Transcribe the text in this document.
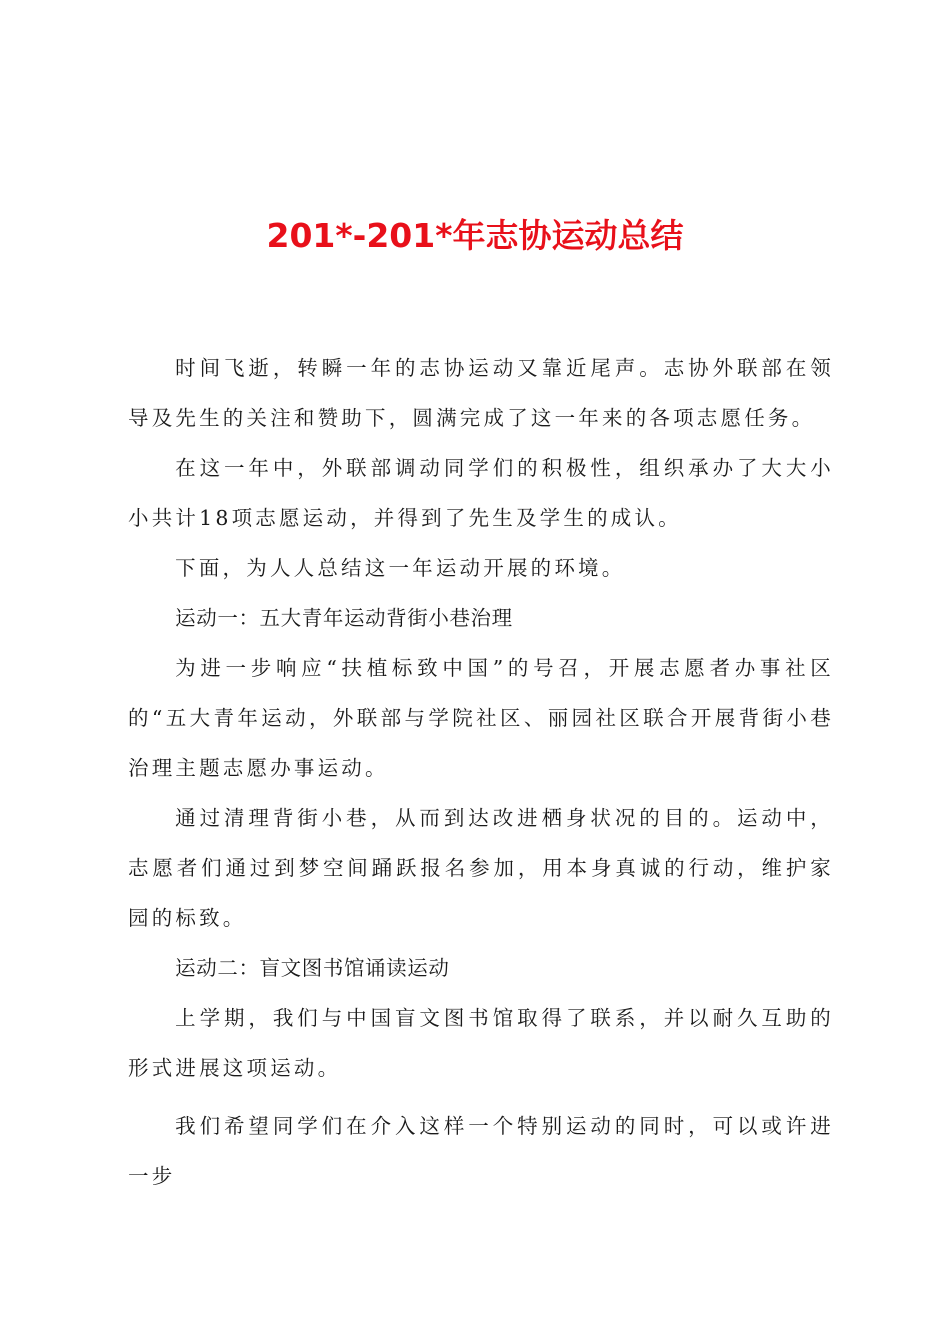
201*-201*年志协运动总结

时间飞逝，转瞬一年的志协运动又靠近尾声。志协外联部在领导及先生的关注和赞助下，圆满完成了这一年来的各项志愿任务。

在这一年中，外联部调动同学们的积极性，组织承办了大大小小共计18项志愿运动，并得到了先生及学生的成认。

下面，为人人总结这一年运动开展的环境。

运动一：五大青年运动背街小巷治理

为进一步响应“扶植标致中国”的号召，开展志愿者办事社区的“五大青年运动，外联部与学院社区、丽园社区联合开展背街小巷治理主题志愿办事运动。

通过清理背街小巷，从而到达改进栖身状况的目的。运动中，志愿者们通过到梦空间踊跃报名参加，用本身真诚的行动，维护家园的标致。

运动二：盲文图书馆诵读运动

上学期，我们与中国盲文图书馆取得了联系，并以耐久互助的形式进展这项运动。

我们希望同学们在介入这样一个特别运动的同时，可以或许进一步
